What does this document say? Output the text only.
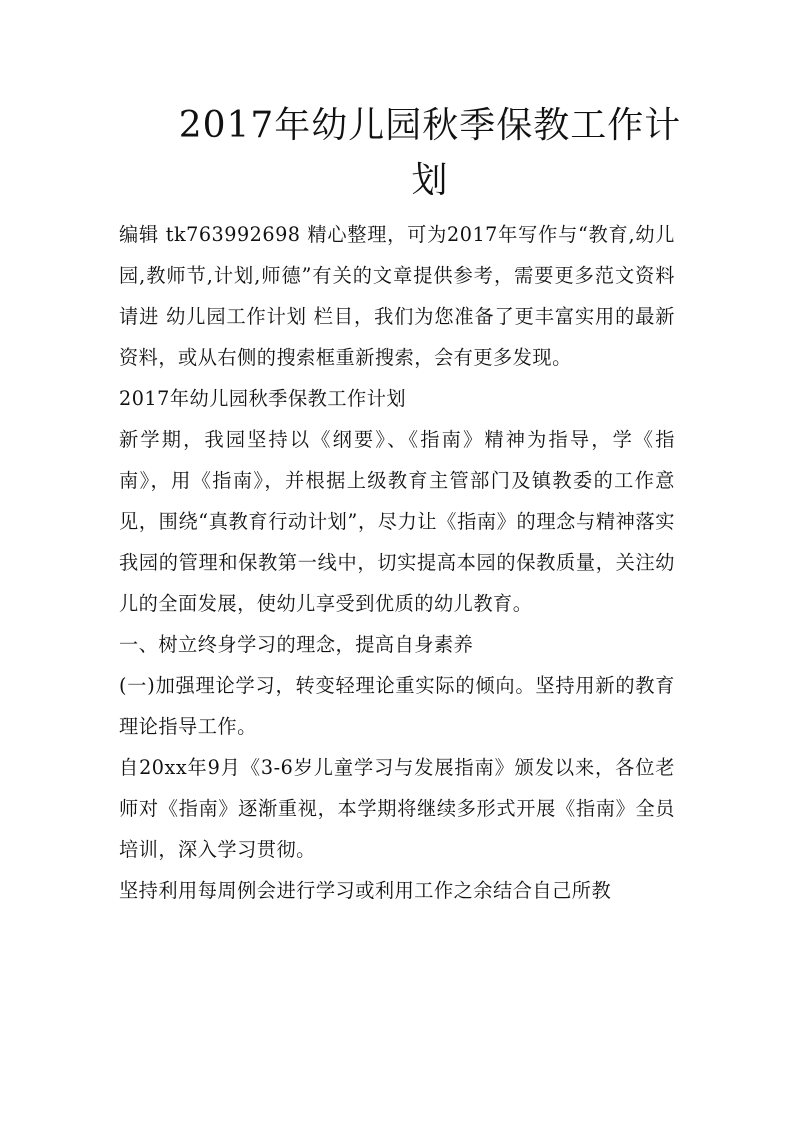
2017年幼儿园秋季保教工作计划

编辑 tk763992698 精心整理，可为2017年写作与“教育,幼儿园,教师节,计划,师德”有关的文章提供参考，需要更多范文资料请进 幼儿园工作计划 栏目，我们为您准备了更丰富实用的最新资料，或从右侧的搜索框重新搜索，会有更多发现。

2017年幼儿园秋季保教工作计划

新学期，我园坚持以《纲要》、《指南》精神为指导，学《指南》，用《指南》，并根据上级教育主管部门及镇教委的工作意见，围绕“真教育行动计划”，尽力让《指南》的理念与精神落实我园的管理和保教第一线中，切实提高本园的保教质量，关注幼儿的全面发展，使幼儿享受到优质的幼儿教育。

一、树立终身学习的理念，提高自身素养

(一)加强理论学习，转变轻理论重实际的倾向。坚持用新的教育理论指导工作。

自20xx年9月《3-6岁儿童学习与发展指南》颁发以来，各位老师对《指南》逐渐重视，本学期将继续多形式开展《指南》全员培训，深入学习贯彻。

坚持利用每周例会进行学习或利用工作之余结合自己所教
